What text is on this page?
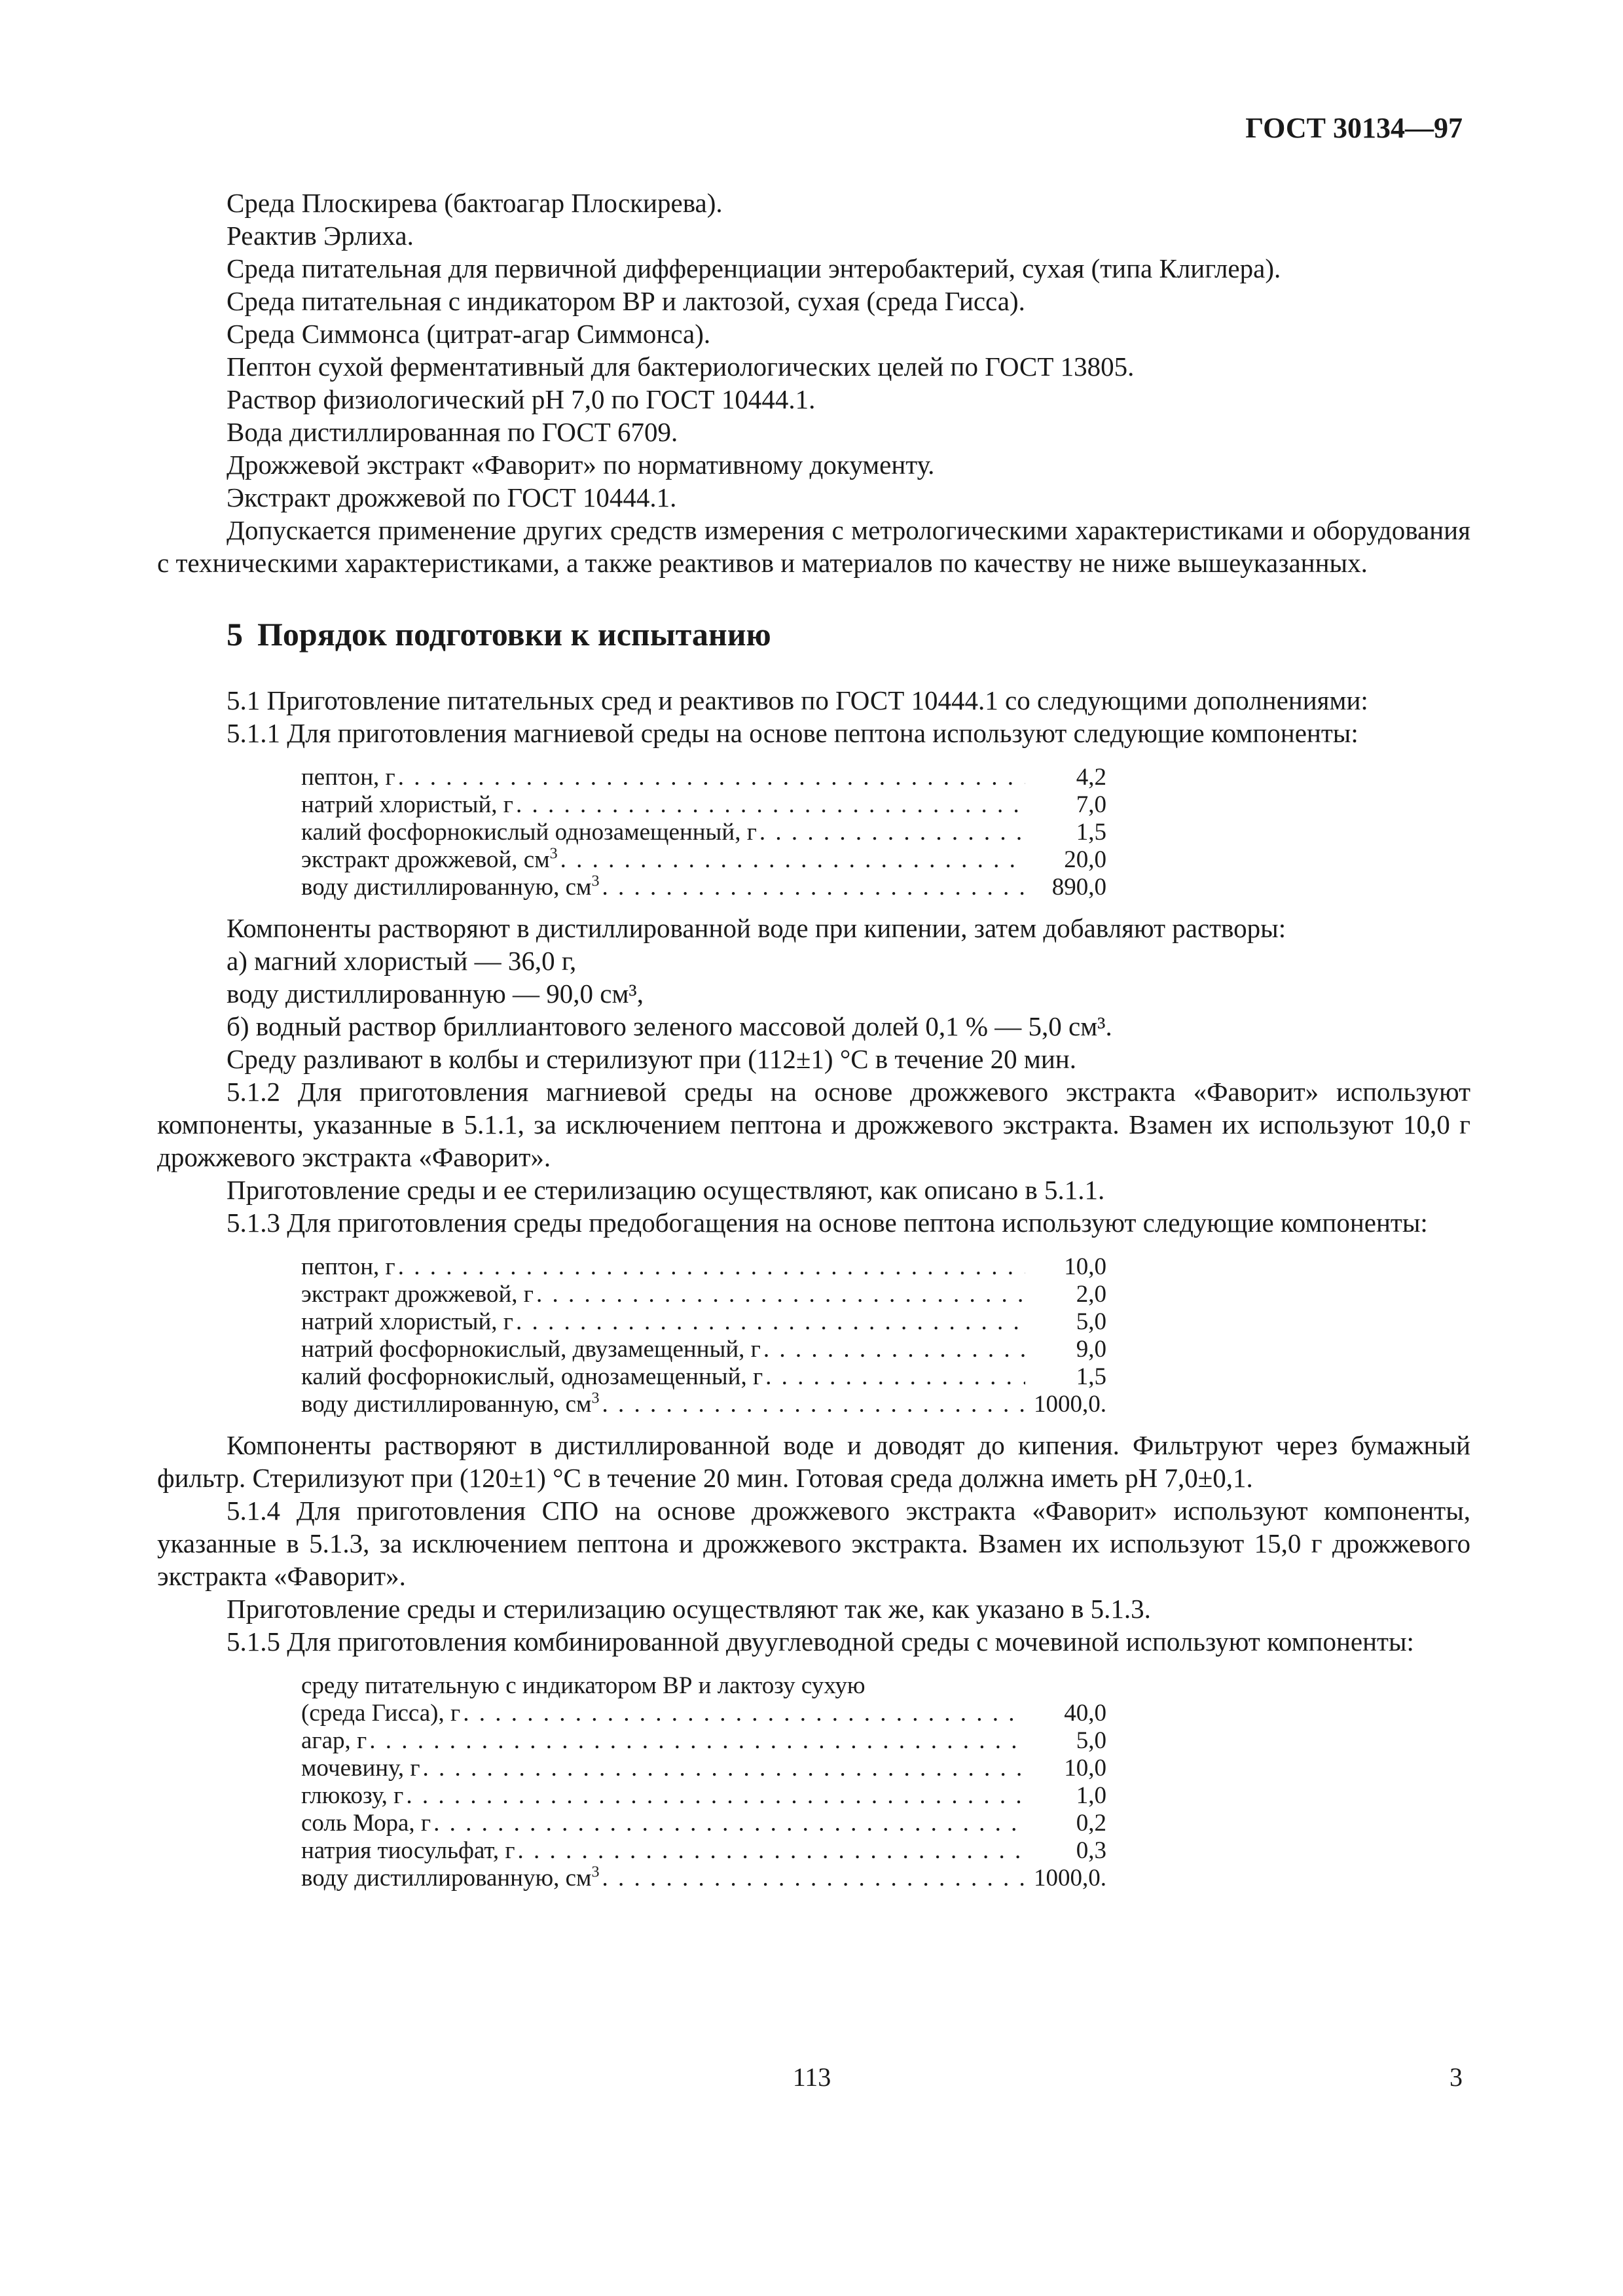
ГОСТ 30134—97

Среда Плоскирева (бактоагар Плоскирева).

Реактив Эрлиха.

Среда питательная для первичной дифференциации энтеробактерий, сухая (типа Клиглера).

Среда питательная с индикатором ВР и лактозой, сухая (среда Гисса).

Среда Симмонса (цитрат-агар Симмонса).

Пептон сухой ферментативный для бактериологических целей по ГОСТ 13805.

Раствор физиологический рН 7,0 по ГОСТ 10444.1.

Вода дистиллированная по ГОСТ 6709.

Дрожжевой экстракт «Фаворит» по нормативному документу.

Экстракт дрожжевой по ГОСТ 10444.1.

Допускается применение других средств измерения с метрологическими характеристиками и оборудования с техническими характеристиками, а также реактивов и материалов по качеству не ниже вышеуказанных.

5 Порядок подготовки к испытанию

5.1 Приготовление питательных сред и реактивов по ГОСТ 10444.1 со следующими дополнениями:

5.1.1 Для приготовления магниевой среды на основе пептона используют следующие компоненты:

пептон, г . . .	4,2
натрий хлористый, г . . .	7,0
калий фосфорнокислый однозамещенный, г . . .	1,5
экстракт дрожжевой, $см^3$ . . .	20,0
воду дистиллированную, $см^3$ . . .	890,0

Компоненты растворяют в дистиллированной воде при кипении, затем добавляют растворы:

а) магний хлористый — 36,0 г,

воду дистиллированную — 90,0 см³,

б) водный раствор бриллиантового зеленого массовой долей 0,1 % — 5,0 см³.

Среду разливают в колбы и стерилизуют при (112±1) °С в течение 20 мин.

5.1.2 Для приготовления магниевой среды на основе дрожжевого экстракта «Фаворит» используют компоненты, указанные в 5.1.1, за исключением пептона и дрожжевого экстракта. Взамен их используют 10,0 г дрожжевого экстракта «Фаворит».

Приготовление среды и ее стерилизацию осуществляют, как описано в 5.1.1.

5.1.3 Для приготовления среды предобогащения на основе пептона используют следующие компоненты:

пептон, г . . .	10,0
экстракт дрожжевой, г . . .	2,0
натрий хлористый, г . . .	5,0
натрий фосфорнокислый, двузамещенный, г . . .	9,0
калий фосфорнокислый, однозамещенный, г . . .	1,5
воду дистиллированную, $см^3$ . . .	1000,0.

Компоненты растворяют в дистиллированной воде и доводят до кипения. Фильтруют через бумажный фильтр. Стерилизуют при (120±1) °С в течение 20 мин. Готовая среда должна иметь рН 7,0±0,1.

5.1.4 Для приготовления СПО на основе дрожжевого экстракта «Фаворит» используют компоненты, указанные в 5.1.3, за исключением пептона и дрожжевого экстракта. Взамен их используют 15,0 г дрожжевого экстракта «Фаворит».

Приготовление среды и стерилизацию осуществляют так же, как указано в 5.1.3.

5.1.5 Для приготовления комбинированной двууглеводной среды с мочевиной используют компоненты:

среду питательную с индикатором ВР и лактозу сухую
(среда Гисса), г . . .	40,0
агар, г . . .	5,0
мочевину, г . . .	10,0
глюкозу, г . . .	1,0
соль Мора, г . . .	0,2
натрия тиосульфат, г . . .	0,3
воду дистиллированную, $см^3$ . . .	1000,0.
113	3
